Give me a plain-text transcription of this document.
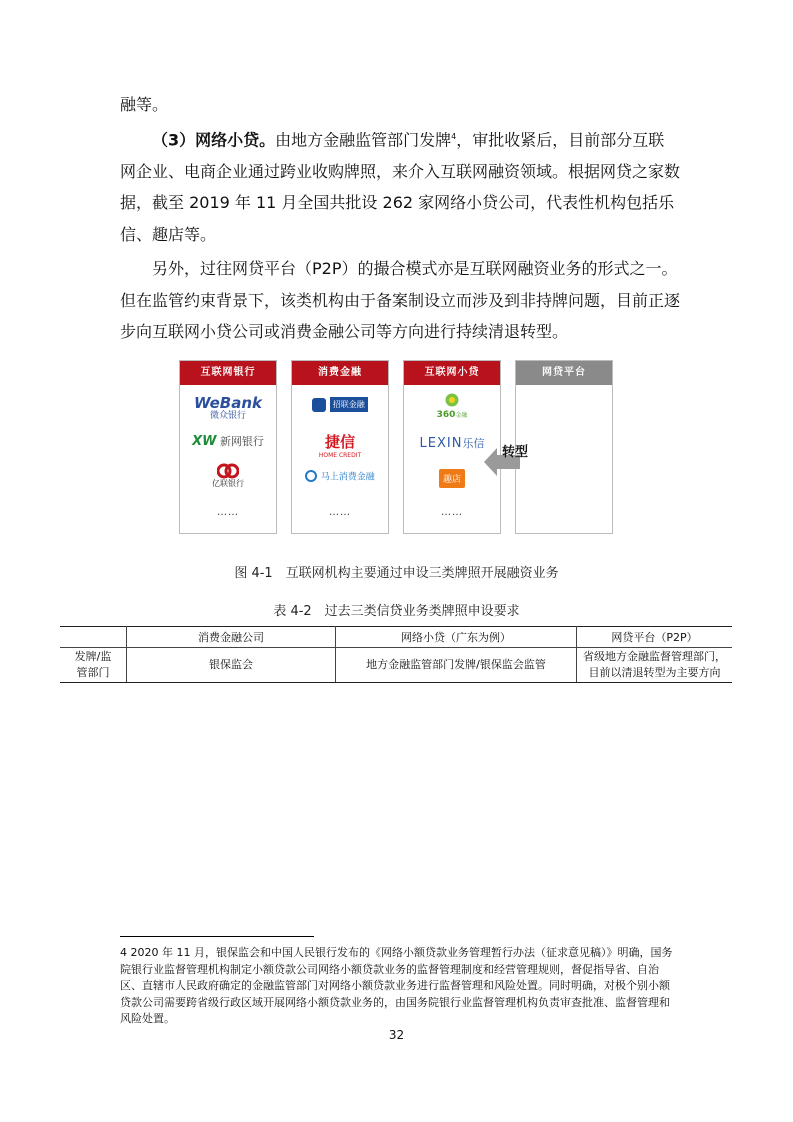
融等。

（3）网络小贷。由地方金融监管部门发牌$^4$，审批收紧后，目前部分互联网企业、电商企业通过跨业收购牌照，来介入互联网融资领域。根据网贷之家数据，截至 2019 年 11 月全国共批设 262 家网络小贷公司，代表性机构包括乐信、趣店等。

另外，过往网贷平台（P2P）的撮合模式亦是互联网融资业务的形式之一。但在监管约束背景下，该类机构由于备案制设立而涉及到非持牌问题，目前正逐步向互联网小贷公司或消费金融公司等方向进行持续清退转型。

互联网银行
WeBank
微众银行
XW 新网银行
亿联银行
……
消费金融
招联金融
捷信
HOME CREDIT
马上消费金融
……
互联网小贷
360金融
LEXIN乐信
趣店
……
网贷平台
转型
图 4-1　互联网机构主要通过申设三类牌照开展融资业务
表 4-2　过去三类信贷业务类牌照申设要求
	消费金融公司	网络小贷（广东为例）	网贷平台（P2P）
发牌/监
管部门	银保监会	地方金融监管部门发牌/银保监会监管	省级地方金融监督管理部门，
目前以清退转型为主要方向

4 2020 年 11 月，银保监会和中国人民银行发布的《网络小额贷款业务管理暂行办法（征求意见稿）》明确，国务院银行业监督管理机构制定小额贷款公司网络小额贷款业务的监督管理制度和经营管理规则，督促指导省、自治区、直辖市人民政府确定的金融监管部门对网络小额贷款业务进行监督管理和风险处置。同时明确，对极个别小额贷款公司需要跨省级行政区域开展网络小额贷款业务的，由国务院银行业监督管理机构负责审查批准、监督管理和风险处置。

32
